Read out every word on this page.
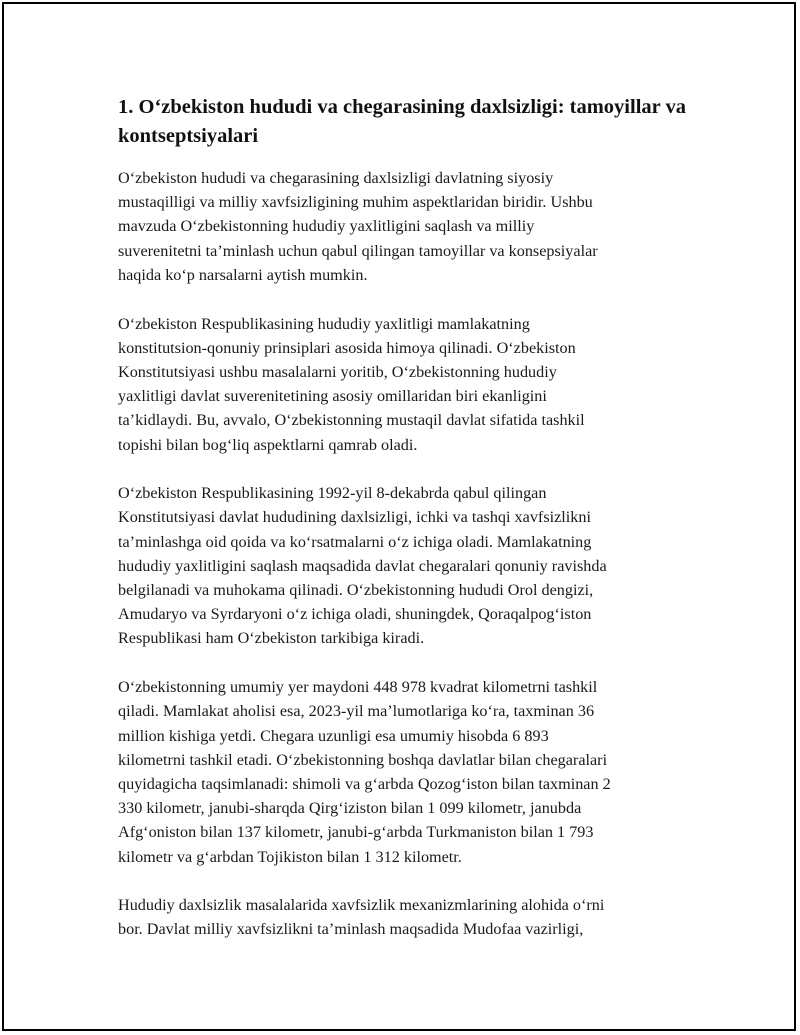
1. O‘zbekiston hududi va chegarasining daxlsizligi: tamoyillar va kontseptsiyalari

O‘zbekiston hududi va chegarasining daxlsizligi davlatning siyosiy
mustaqilligi va milliy xavfsizligining muhim aspektlaridan biridir. Ushbu
mavzuda O‘zbekistonning hududiy yaxlitligini saqlash va milliy
suverenitetni ta’minlash uchun qabul qilingan tamoyillar va konsepsiyalar
haqida ko‘p narsalarni aytish mumkin.

O‘zbekiston Respublikasining hududiy yaxlitligi mamlakatning
konstitutsion-qonuniy prinsiplari asosida himoya qilinadi. O‘zbekiston
Konstitutsiyasi ushbu masalalarni yoritib, O‘zbekistonning hududiy
yaxlitligi davlat suverenitetining asosiy omillaridan biri ekanligini
ta’kidlaydi. Bu, avvalo, O‘zbekistonning mustaqil davlat sifatida tashkil
topishi bilan bog‘liq aspektlarni qamrab oladi.

O‘zbekiston Respublikasining 1992-yil 8-dekabrda qabul qilingan
Konstitutsiyasi davlat hududining daxlsizligi, ichki va tashqi xavfsizlikni
ta’minlashga oid qoida va ko‘rsatmalarni o‘z ichiga oladi. Mamlakatning
hududiy yaxlitligini saqlash maqsadida davlat chegaralari qonuniy ravishda
belgilanadi va muhokama qilinadi. O‘zbekistonning hududi Orol dengizi,
Amudaryo va Syrdaryoni o‘z ichiga oladi, shuningdek, Qoraqalpog‘iston
Respublikasi ham O‘zbekiston tarkibiga kiradi.

O‘zbekistonning umumiy yer maydoni 448 978 kvadrat kilometrni tashkil
qiladi. Mamlakat aholisi esa, 2023-yil ma’lumotlariga ko‘ra, taxminan 36
million kishiga yetdi. Chegara uzunligi esa umumiy hisobda 6 893
kilometrni tashkil etadi. O‘zbekistonning boshqa davlatlar bilan chegaralari
quyidagicha taqsimlanadi: shimoli va g‘arbda Qozog‘iston bilan taxminan 2
330 kilometr, janubi-sharqda Qirg‘iziston bilan 1 099 kilometr, janubda
Afg‘oniston bilan 137 kilometr, janubi-g‘arbda Turkmaniston bilan 1 793
kilometr va g‘arbdan Tojikiston bilan 1 312 kilometr.

Hududiy daxlsizlik masalalarida xavfsizlik mexanizmlarining alohida o‘rni
bor. Davlat milliy xavfsizlikni ta’minlash maqsadida Mudofaa vazirligi,
